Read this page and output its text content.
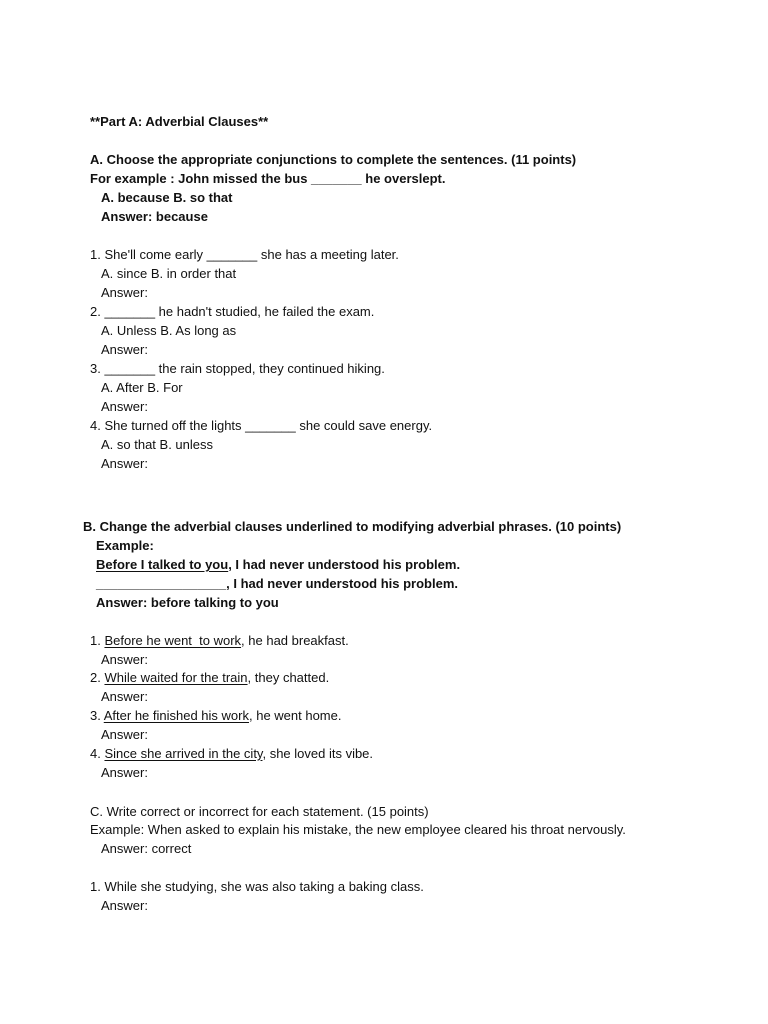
**Part A: Adverbial Clauses**
A. Choose the appropriate conjunctions to complete the sentences. (11 points)
For example : John missed the bus _______ he overslept.
A. because B. so that
Answer: because
1. She'll come early _______ she has a meeting later.
A. since B. in order that
Answer:
2. _______ he hadn't studied, he failed the exam.
A. Unless B. As long as
Answer:
3. _______ the rain stopped, they continued hiking.
A. After B. For
Answer:
4. She turned off the lights _______ she could save energy.
A. so that B. unless
Answer:
B. Change the adverbial clauses underlined to modifying adverbial phrases. (10 points)
Example:
Before I talked to you, I had never understood his problem.
__________________, I had never understood his problem.
Answer: before talking to you
1. Before he went  to work, he had breakfast.
Answer:
2. While waited for the train, they chatted.
Answer:
3. After he finished his work, he went home.
Answer:
4. Since she arrived in the city, she loved its vibe.
Answer:
C. Write correct or incorrect for each statement. (15 points)
Example: When asked to explain his mistake, the new employee cleared his throat nervously.
Answer: correct
1. While she studying, she was also taking a baking class.
Answer:
